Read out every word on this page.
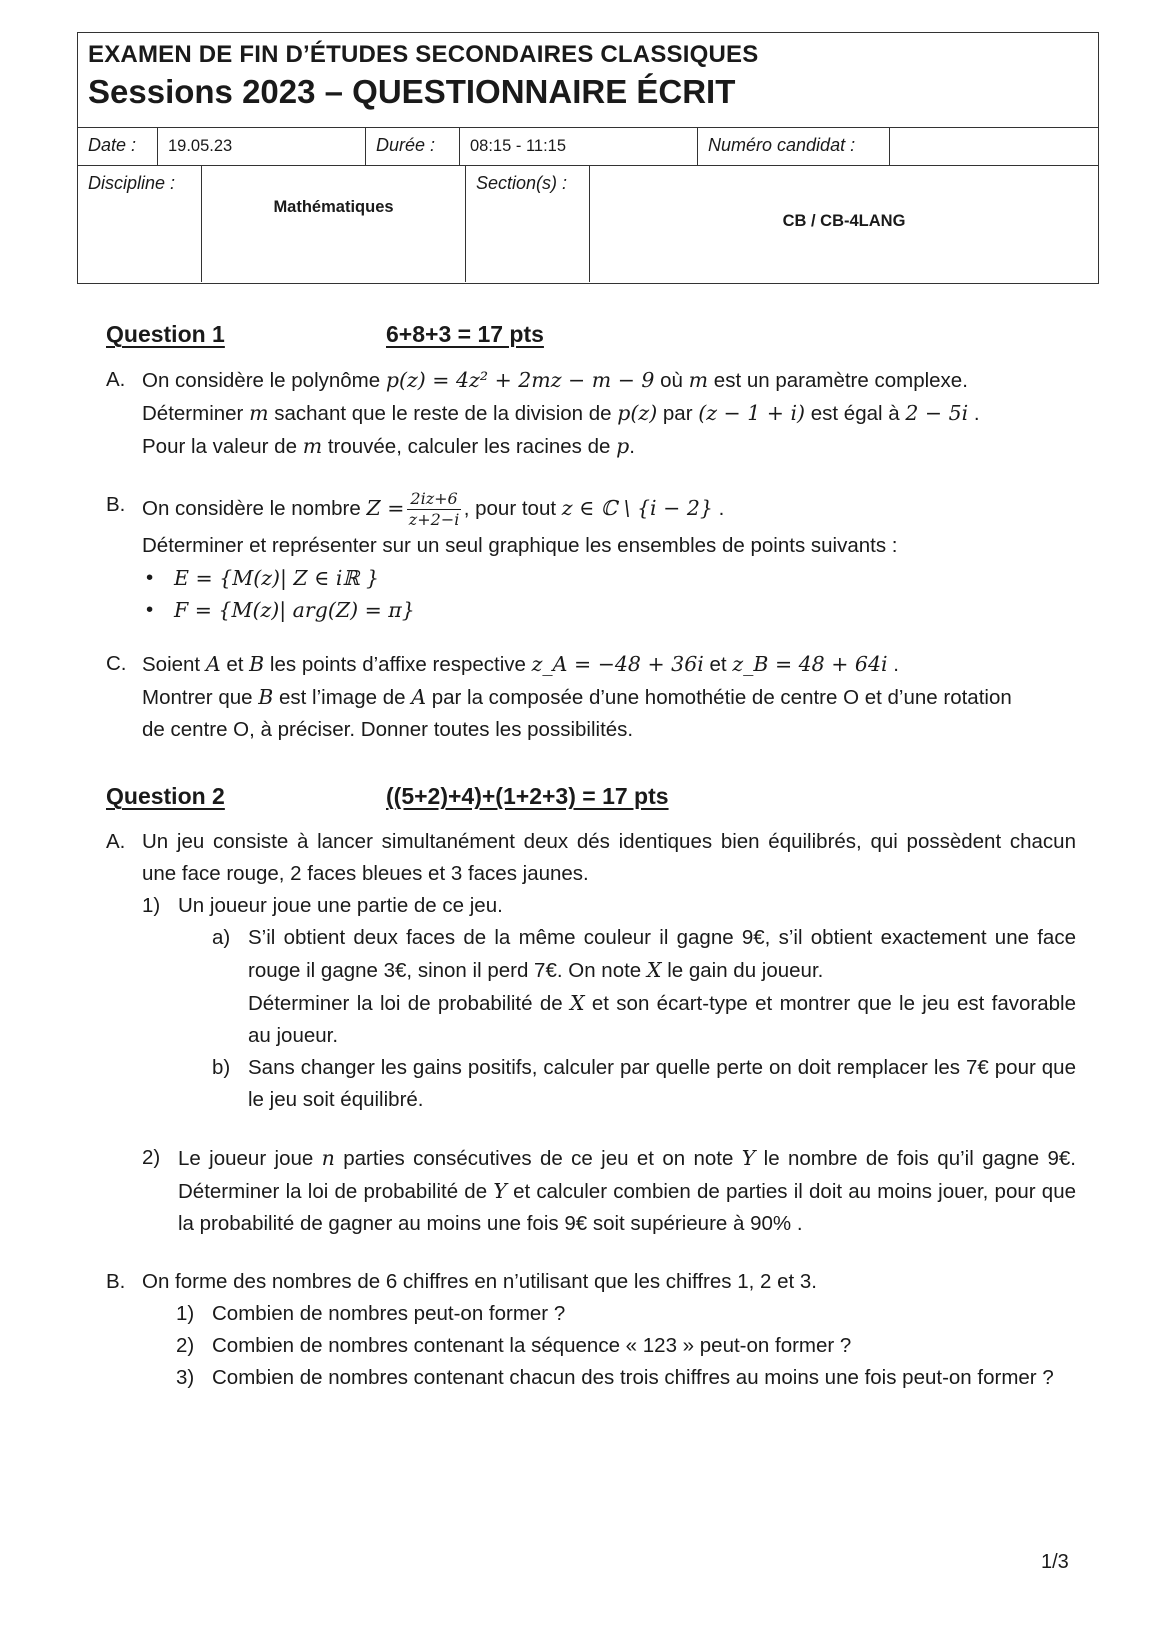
EXAMEN DE FIN D’ÉTUDES SECONDAIRES CLASSIQUES
Sessions 2023 – QUESTIONNAIRE ÉCRIT
Date :	19.05.23	Durée :	08:15 - 11:15	Numéro candidat :
Discipline :
Mathématiques
Section(s) :
CB / CB-4LANG
Question 1	6+8+3 = 17 pts
A. On considère le polynôme p(z) = 4z² + 2mz − m − 9 où m est un paramètre complexe.
Déterminer m sachant que le reste de la division de p(z) par (z − 1 + i) est égal à 2 − 5i .
Pour la valeur de m trouvée, calculer les racines de p.
B. On considère le nombre $Z = \frac{2iz+6}{z+2-i}$ , pour tout z ∈ ℂ \ {i − 2} .
Déterminer et représenter sur un seul graphique les ensembles de points suivants :
•	E = {M(z)| Z ∈ iℝ }
•	F = {M(z)| arg(Z) = π}
C. Soient A et B les points d’affixe respective z_A = −48 + 36i et z_B = 48 + 64i .
Montrer que B est l’image de A par la composée d’une homothétie de centre O et d’une rotation
de centre O, à préciser. Donner toutes les possibilités.
Question 2	((5+2)+4)+(1+2+3) = 17 pts
A. Un jeu consiste à lancer simultanément deux dés identiques bien équilibrés, qui possèdent chacun une face rouge, 2 faces bleues et 3 faces jaunes.
1) Un joueur joue une partie de ce jeu.
a) S’il obtient deux faces de la même couleur il gagne 9€, s’il obtient exactement une face rouge il gagne 3€, sinon il perd 7€. On note X le gain du joueur.
Déterminer la loi de probabilité de X et son écart-type et montrer que le jeu est favorable au joueur.
b) Sans changer les gains positifs, calculer par quelle perte on doit remplacer les 7€ pour que le jeu soit équilibré.
2) Le joueur joue n parties consécutives de ce jeu et on note Y le nombre de fois qu’il gagne 9€. Déterminer la loi de probabilité de Y et calculer combien de parties il doit au moins jouer, pour que la probabilité de gagner au moins une fois 9€ soit supérieure à 90% .
B. On forme des nombres de 6 chiffres en n’utilisant que les chiffres 1, 2 et 3.
1) Combien de nombres peut-on former ?
2) Combien de nombres contenant la séquence « 123 » peut-on former ?
3) Combien de nombres contenant chacun des trois chiffres au moins une fois peut-on former ?
1/3
